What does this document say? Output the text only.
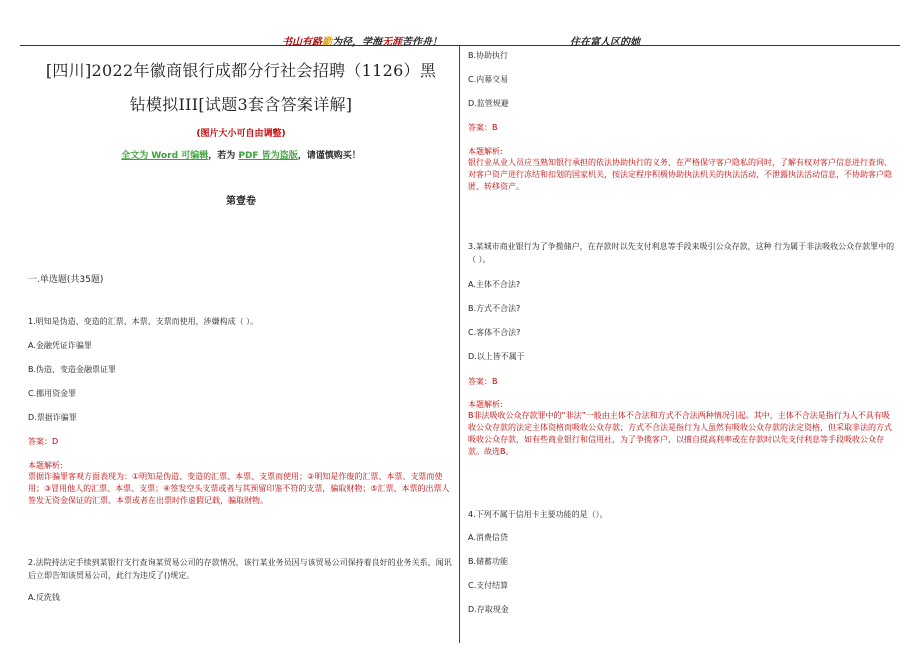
书山有路勤为径，学海无涯苦作舟！	住在富人区的她
[四川]2022年徽商银行成都分行社会招聘（1126）黑
钻模拟III[试题3套含答案详解]
(图片大小可自由调整)
全文为 Word 可编辑，若为 PDF 皆为盗版，请谨慎购买！
第壹卷
一.单选题(共35题)
1.明知是伪造、变造的汇票、本票、支票而使用，涉嫌构成（ ）。
A.金融凭证诈骗罪
B.伪造、变造金融票证罪
C.挪用资金罪
D.票据诈骗罪
答案：D
本题解析:
票据诈骗罪客观方面表现为：①明知是伪造、变造的汇票、本票、支票而使用；②明知是作废的汇票、本票、支票而使用；③冒用他人的汇票、本票、支票；④签发空头支票或者与其预留印鉴不符的支票，骗取财物；⑤汇票、本票的出票人签发无资金保证的汇票、本票或者在出票时作虚假记载，骗取财物。
2.法院持法定手续到某银行支行查询某贸易公司的存款情况，该行某业务员因与该贸易公司保持着良好的业务关系，闻讯后立即告知该贸易公司，此行为违反了()规定。
A.反洗钱
B.协助执行
C.内幕交易
D.监管规避
答案：B
本题解析:
银行业从业人员应当熟知银行承担的依法协助执行的义务，在严格保守客户隐私的同时，了解有权对客户信息进行查询、对客户资产进行冻结和扣划的国家机关，按法定程序积极协助执法机关的执法活动，不泄露执法活动信息，不协助客户隐匿、转移资产。
3.某城市商业银行为了争揽储户，在存款时以先支付利息等手段来吸引公众存款，这种 行为属于非法吸收公众存款罪中的（ ）。
A.主体不合法?
B.方式不合法?
C.客体不合法?
D.以上皆不属于
答案：B
本题解析:
B非法吸收公众存款罪中的“非法”一般由主体不合法和方式不合法两种情况引起。其中，主体不合法是指行为人不具有吸收公众存款的法定主体资格而吸收公众存款；方式不合法是指行为人虽然有吸收公众存款的法定资格，但采取非法的方式吸收公众存款，如有些商业银行和信用社，为了争揽客户，以擅自提高利率或在存款时以先支付利息等手段吸收公众存款。故选B。
4.下列不属于信用卡主要功能的是（）。
A.消费信贷
B.储蓄功能
C.支付结算
D.存取现金
